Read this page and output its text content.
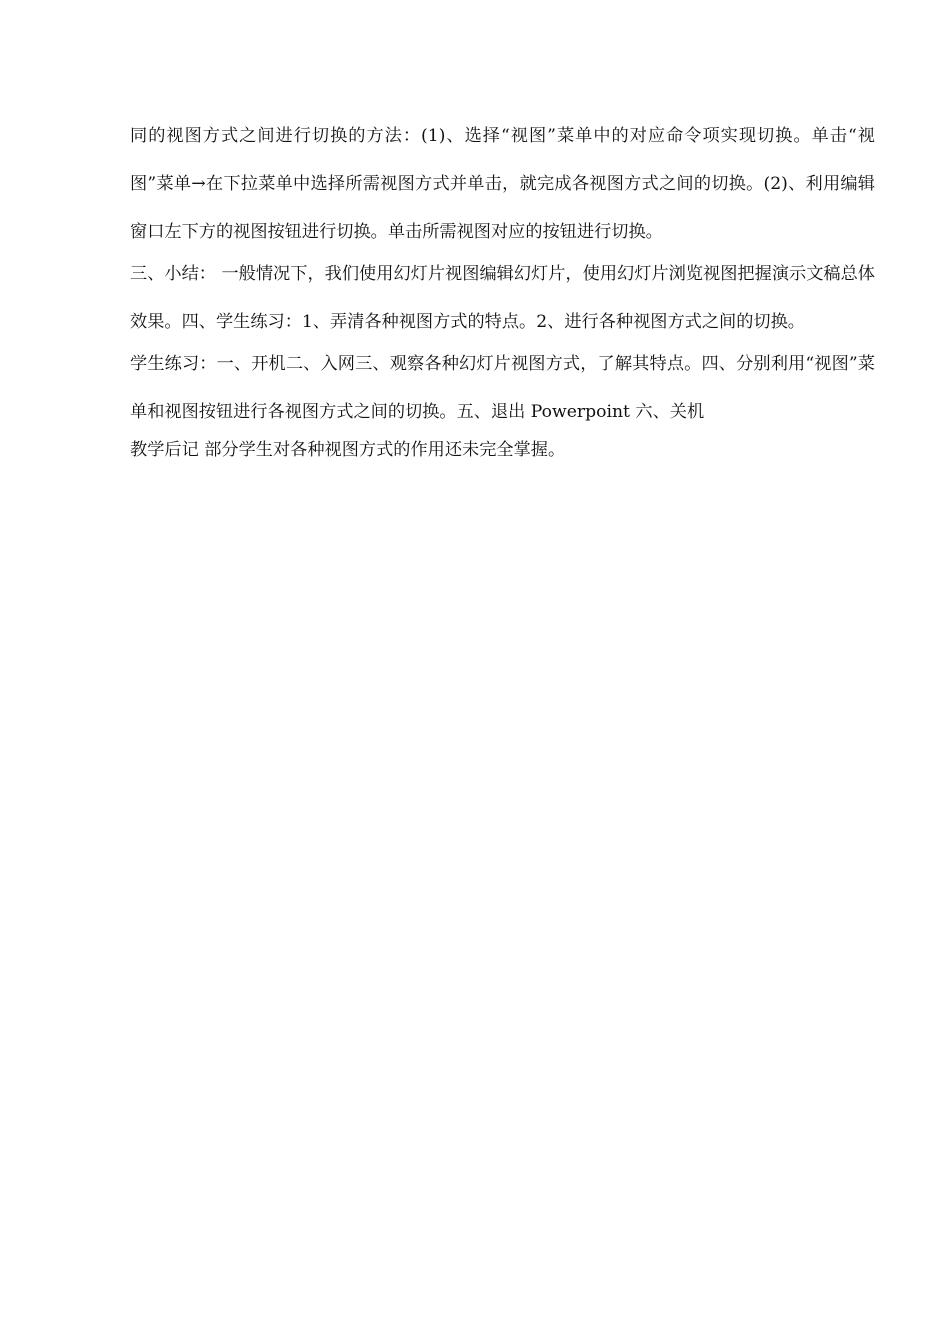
同的视图方式之间进行切换的方法：(1)、选择“视图”菜单中的对应命令项实现切换。单击“视图”菜单→在下拉菜单中选择所需视图方式并单击，就完成各视图方式之间的切换。(2)、利用编辑窗口左下方的视图按钮进行切换。单击所需视图对应的按钮进行切换。

三、小结： 一般情况下，我们使用幻灯片视图编辑幻灯片，使用幻灯片浏览视图把握演示文稿总体效果。四、学生练习：1、弄清各种视图方式的特点。2、进行各种视图方式之间的切换。

学生练习：一、开机二、入网三、观察各种幻灯片视图方式，了解其特点。四、分别利用“视图”菜单和视图按钮进行各视图方式之间的切换。五、退出 Powerpoint 六、关机

教学后记 部分学生对各种视图方式的作用还未完全掌握。
